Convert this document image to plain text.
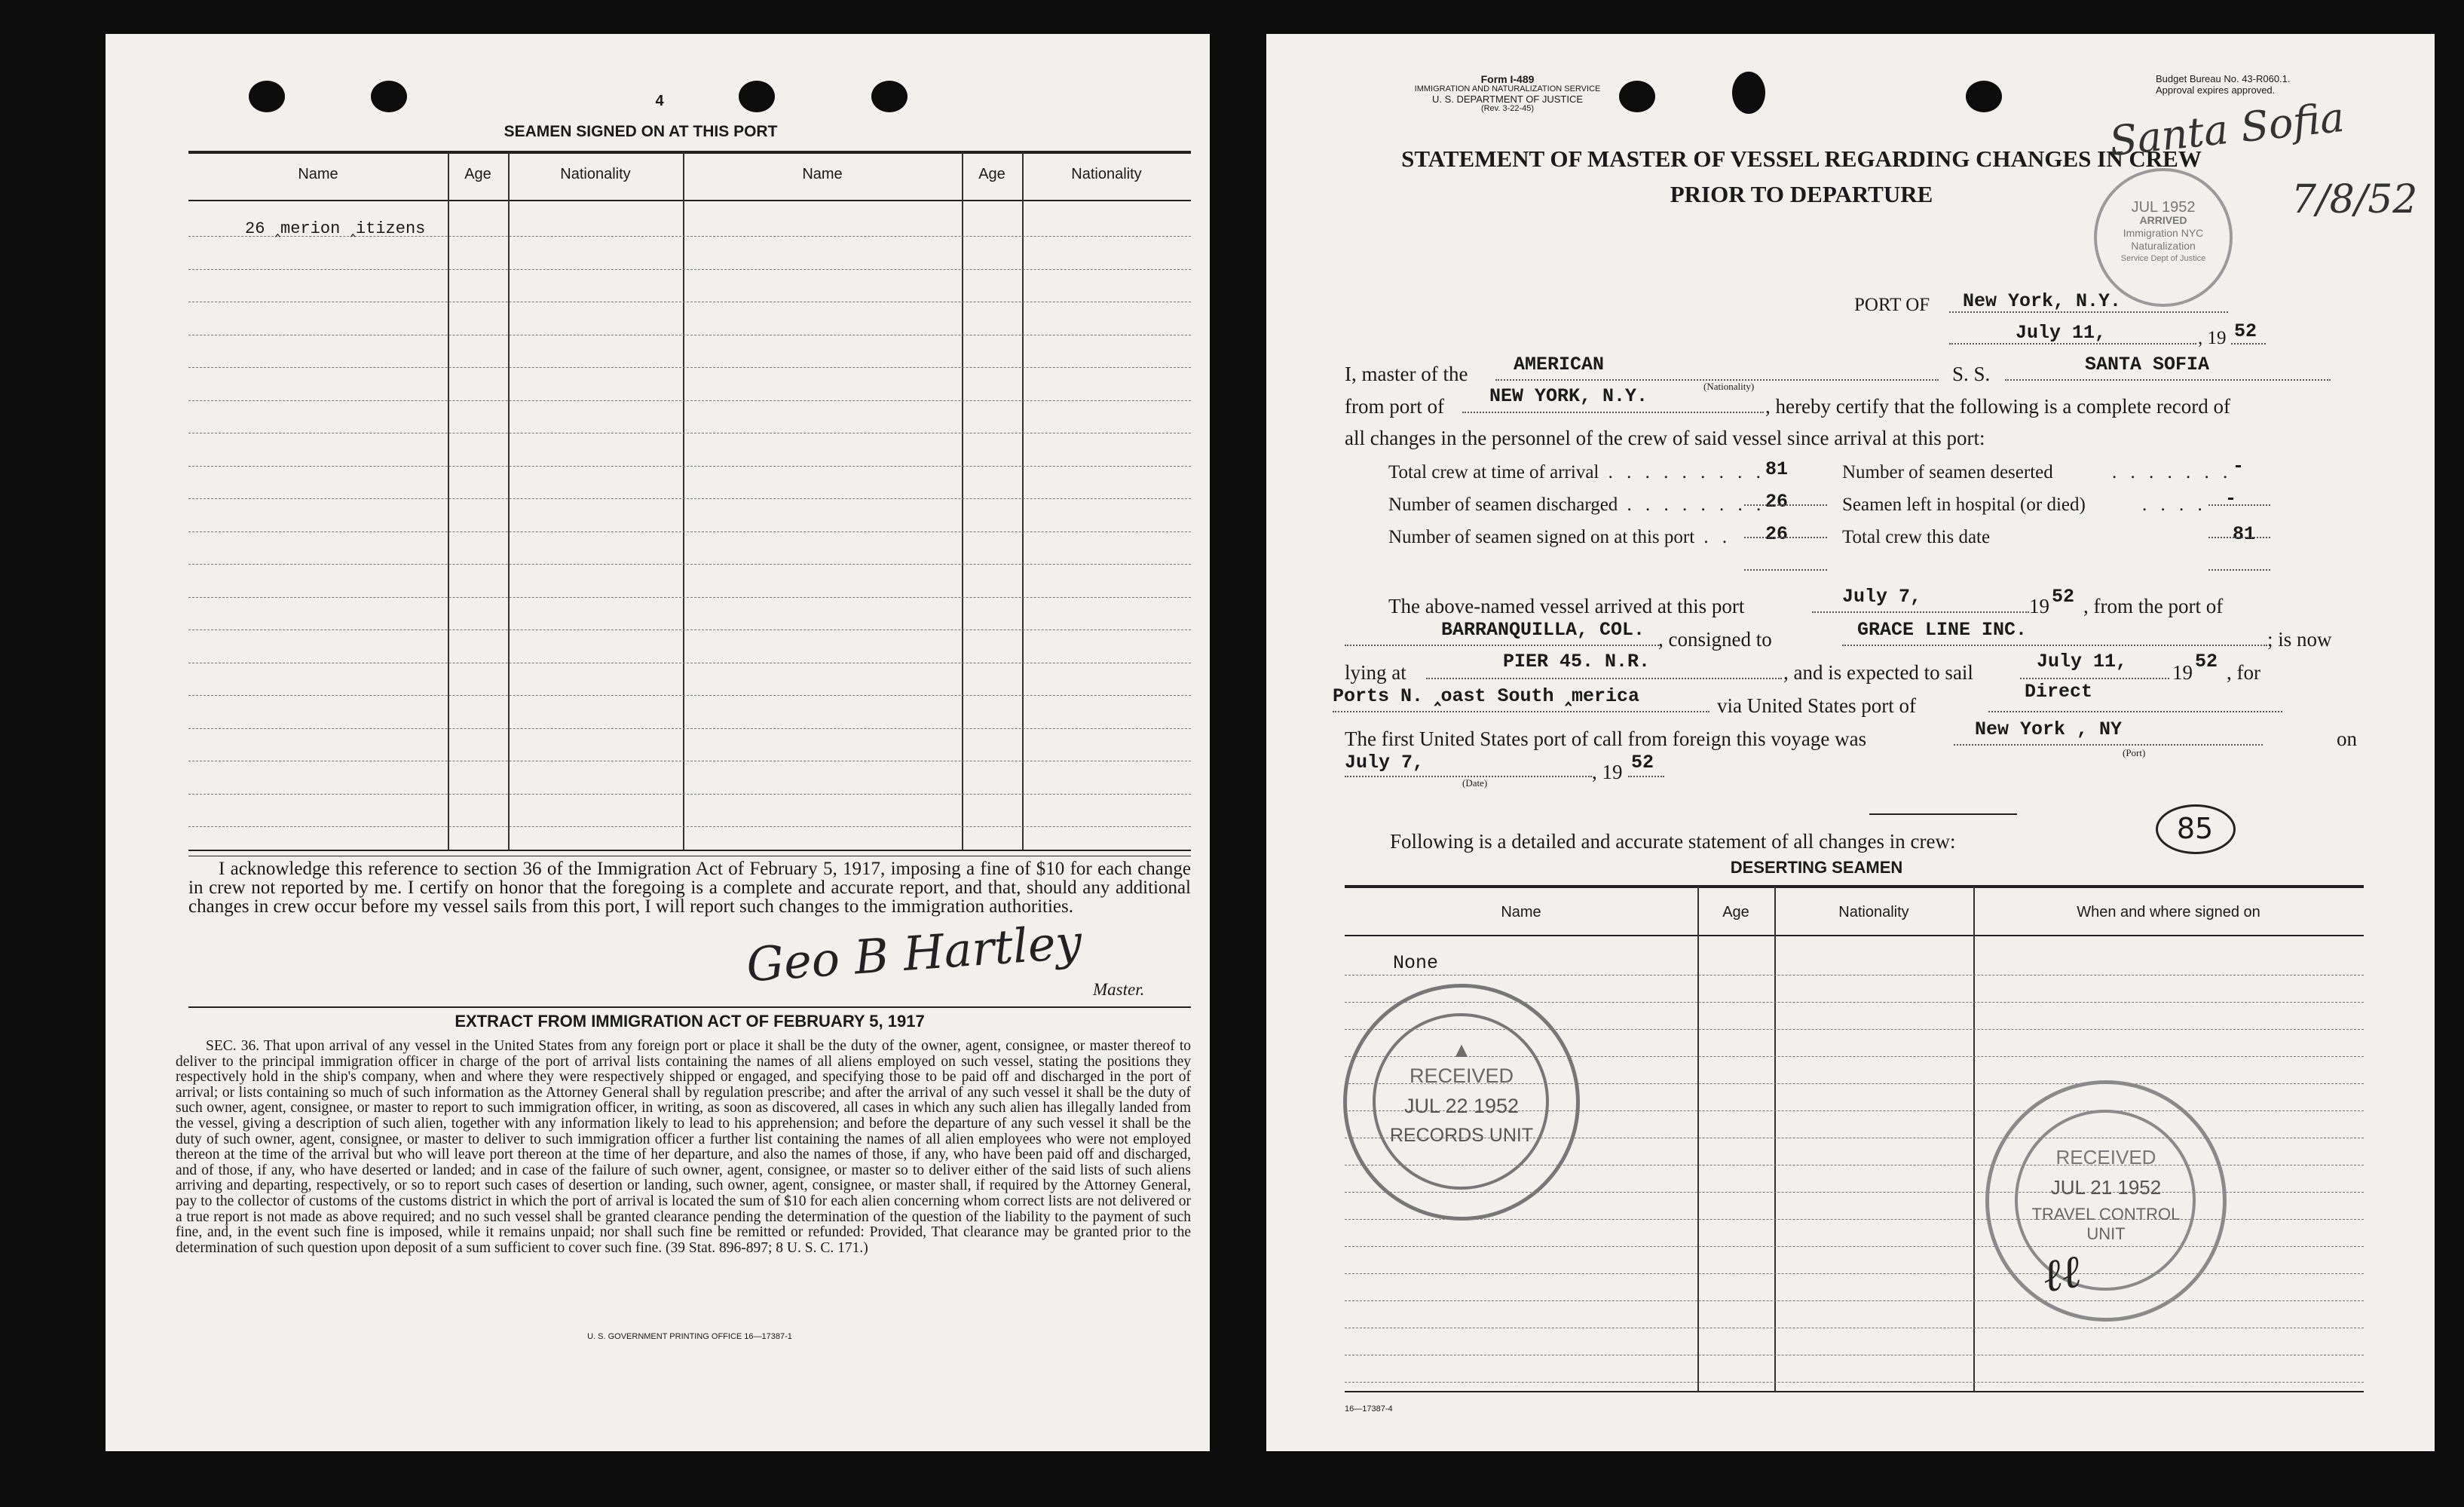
4
SEAMEN SIGNED ON AT THIS PORT
Name	Age	Nationality	Name	Age	Nationality
26 ‸merion ‸itizens
I acknowledge this reference to section 36 of the Immigration Act of February 5, 1917, imposing a fine of $10 for each change in crew not reported by me. I certify on honor that the foregoing is a complete and accurate report, and that, should any additional changes in crew occur before my vessel sails from this port, I will report such changes to the immigration authorities.
Geo B Hartley Master.
EXTRACT FROM IMMIGRATION ACT OF FEBRUARY 5, 1917
SEC. 36. That upon arrival of any vessel in the United States from any foreign port or place it shall be the duty of the owner, agent, consignee, or master thereof to deliver to the principal immigration officer in charge of the port of arrival lists containing the names of all aliens employed on such vessel, stating the positions they respectively hold in the ship's company, when and where they were respectively shipped or engaged, and specifying those to be paid off and discharged in the port of arrival; or lists containing so much of such information as the Attorney General shall by regulation prescribe; and after the arrival of any such vessel it shall be the duty of such owner, agent, consignee, or master to report to such immigration officer, in writing, as soon as discovered, all cases in which any such alien has illegally landed from the vessel, giving a description of such alien, together with any information likely to lead to his apprehension; and before the departure of any such vessel it shall be the duty of such owner, agent, consignee, or master to deliver to such immigration officer a further list containing the names of all alien employees who were not employed thereon at the time of the arrival but who will leave port thereon at the time of her departure, and also the names of those, if any, who have been paid off and discharged, and of those, if any, who have deserted or landed; and in case of the failure of such owner, agent, consignee, or master so to deliver either of the said lists of such aliens arriving and departing, respectively, or so to report such cases of desertion or landing, such owner, agent, consignee, or master shall, if required by the Attorney General, pay to the collector of customs of the customs district in which the port of arrival is located the sum of $10 for each alien concerning whom correct lists are not delivered or a true report is not made as above required; and no such vessel shall be granted clearance pending the determination of the question of the liability to the payment of such fine, and, in the event such fine is imposed, while it remains unpaid; nor shall such fine be remitted or refunded: Provided, That clearance may be granted prior to the determination of such question upon deposit of a sum sufficient to cover such fine. (39 Stat. 896-897; 8 U. S. C. 171.)
U. S. GOVERNMENT PRINTING OFFICE 16—17387-1
Form I-489
IMMIGRATION AND NATURALIZATION SERVICE
U. S. DEPARTMENT OF JUSTICE
(Rev. 3-22-45)
Budget Bureau No. 43-R060.1.
Approval expires approved.
STATEMENT OF MASTER OF VESSEL REGARDING CHANGES IN CREW
PRIOR TO DEPARTURE
Santa Sofia
7/8/52
JUL 1952
ARRIVED
Immigration NYC
Naturalization
Service Dept of Justice
PORT OF New York, N.Y.
July 11,	, 19 52
I, master of the AMERICAN	S. S.	SANTA SOFIA
from port of NEW YORK, N.Y.	(Nationality)
, hereby certify that the following is a complete record of
all changes in the personnel of the crew of said vessel since arrival at this port:
Total crew at time of arrival . . . . . . . . . 81	Number of seamen deserted	. . . . . . . -
Number of seamen discharged . . . . . . . . 26	Seamen left in hospital (or died)	. . . . -
Number of seamen signed on at this port . . 26	Total crew this date	81
The above-named vessel arrived at this port	July 7,	19 52 , from the port of
BARRANQUILLA, COL. , consigned to	GRACE LINE INC.	; is now
lying at	PIER 45. N.R.	, and is expected to sail	July 11, 19 52 , for
Ports N. ‸oast South ‸merica	via United States port of
Direct
The first United States port of call from foreign this voyage was	New York , NY
(Port)
on
July 7,
(Date)	, 19 52
85
Following is a detailed and accurate statement of all changes in crew:
DESERTING SEAMEN
Name	Age	Nationality	When and where signed on
None
▲
RECEIVED
JUL 22 1952
RECORDS UNIT
RECEIVED
JUL 21 1952
TRAVEL CONTROL UNIT
ℓℓ
16—17387-4
